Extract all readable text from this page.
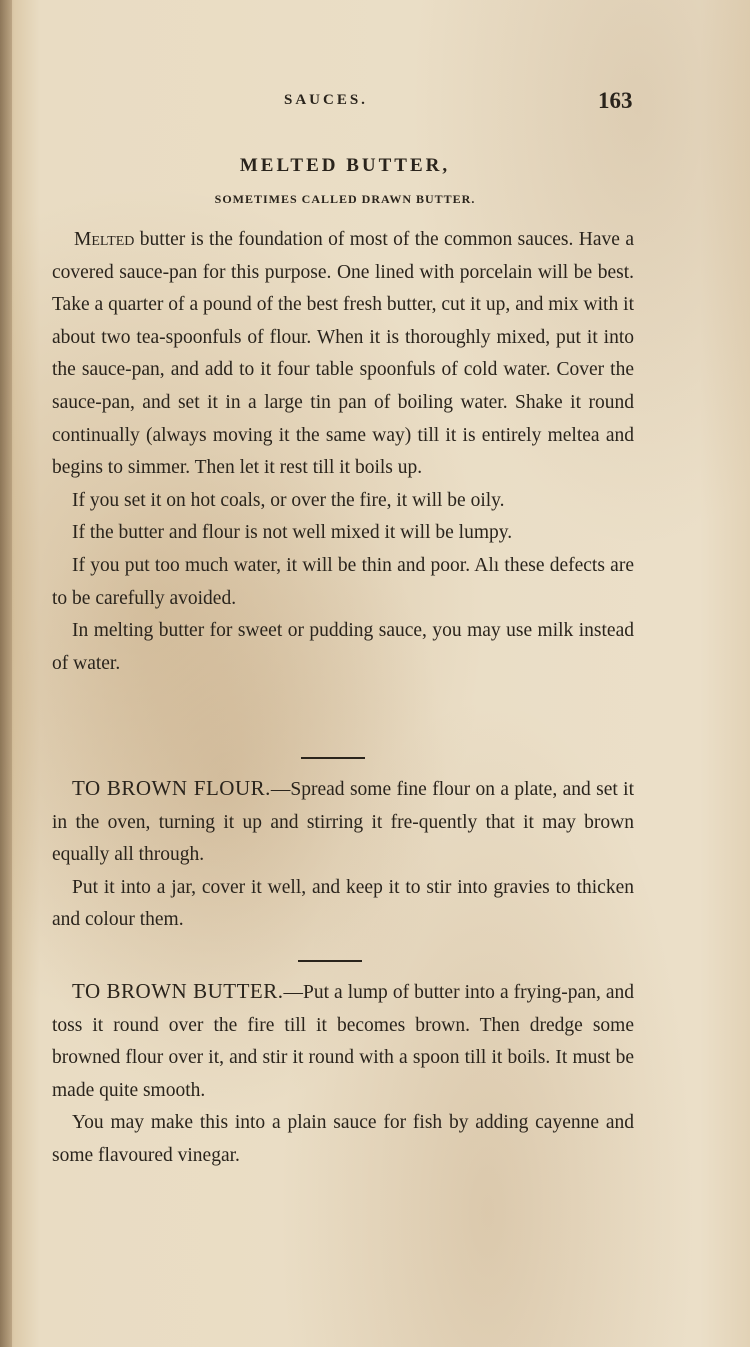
SAUCES.	163
MELTED BUTTER,
SOMETIMES CALLED DRAWN BUTTER.

Melted butter is the foundation of most of the common sauces. Have a covered sauce-pan for this purpose. One lined with porcelain will be best. Take a quarter of a pound of the best fresh butter, cut it up, and mix with it about two tea-spoonfuls of flour. When it is thoroughly mixed, put it into the sauce-pan, and add to it four table spoonfuls of cold water. Cover the sauce-pan, and set it in a large tin pan of boiling water. Shake it round continually (always moving it the same way) till it is entirely meltea and begins to simmer. Then let it rest till it boils up.

If you set it on hot coals, or over the fire, it will be oily.

If the butter and flour is not well mixed it will be lumpy.

If you put too much water, it will be thin and poor. Alı these defects are to be carefully avoided.

In melting butter for sweet or pudding sauce, you may use milk instead of water.

TO BROWN FLOUR.—Spread some fine flour on a plate, and set it in the oven, turning it up and stirring it fre-quently that it may brown equally all through.

Put it into a jar, cover it well, and keep it to stir into gravies to thicken and colour them.

TO BROWN BUTTER.—Put a lump of butter into a frying-pan, and toss it round over the fire till it becomes brown. Then dredge some browned flour over it, and stir it round with a spoon till it boils. It must be made quite smooth.

You may make this into a plain sauce for fish by adding cayenne and some flavoured vinegar.
